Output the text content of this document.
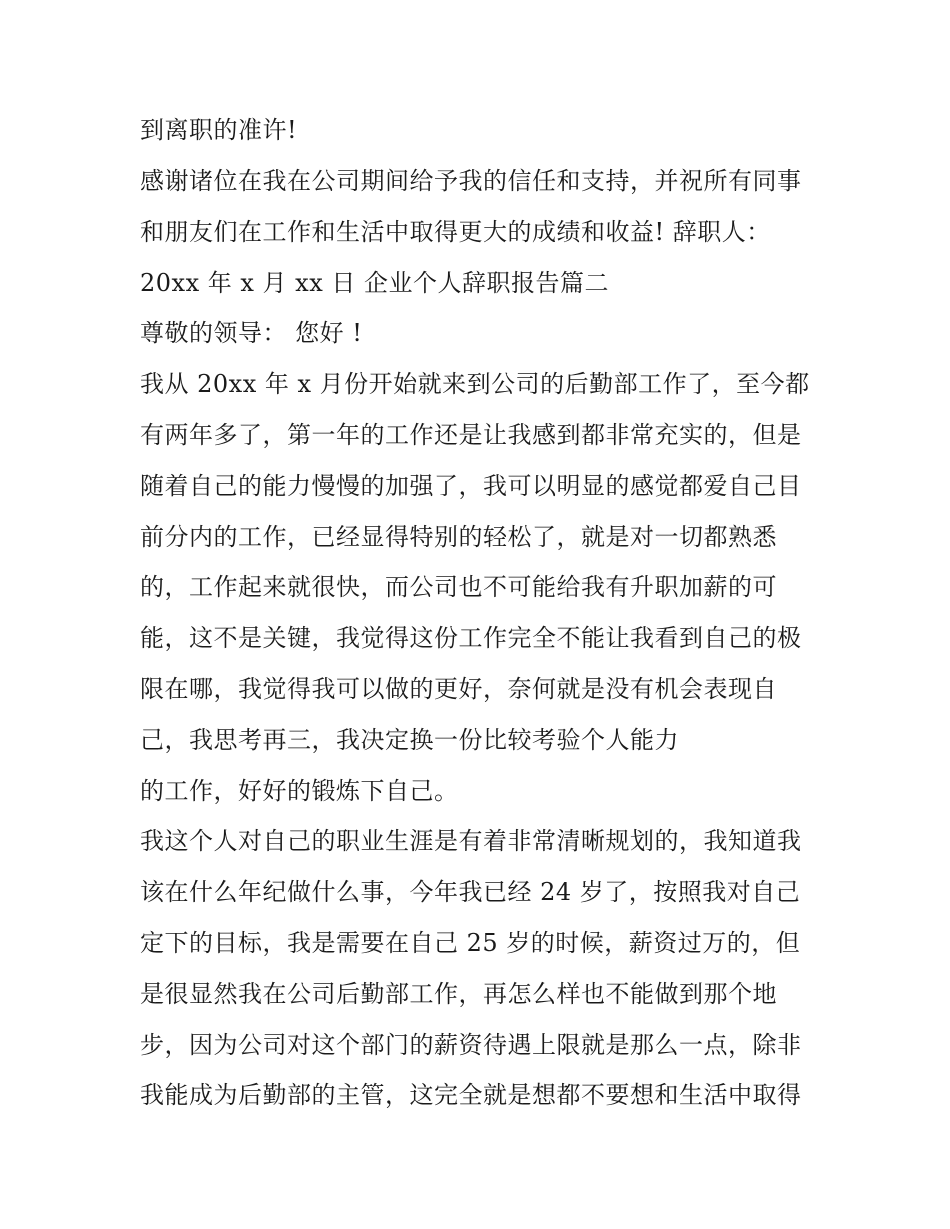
到离职的准许!
感谢诸位在我在公司期间给予我的信任和支持，并祝所有同事
和朋友们在工作和生活中取得更大的成绩和收益! 辞职人：
20xx 年 x 月 xx 日 企业个人辞职报告篇二
尊敬的领导： 您好 !
我从 20xx 年 x 月份开始就来到公司的后勤部工作了，至今都
有两年多了，第一年的工作还是让我感到都非常充实的，但是
随着自己的能力慢慢的加强了，我可以明显的感觉都爱自己目
前分内的工作，已经显得特别的轻松了，就是对一切都熟悉
的，工作起来就很快，而公司也不可能给我有升职加薪的可
能，这不是关键，我觉得这份工作完全不能让我看到自己的极
限在哪，我觉得我可以做的更好，奈何就是没有机会表现自
己，我思考再三，我决定换一份比较考验个人能力
的工作，好好的锻炼下自己。
我这个人对自己的职业生涯是有着非常清晰规划的，我知道我
该在什么年纪做什么事，今年我已经 24 岁了，按照我对自己
定下的目标，我是需要在自己 25 岁的时候，薪资过万的，但
是很显然我在公司后勤部工作，再怎么样也不能做到那个地
步，因为公司对这个部门的薪资待遇上限就是那么一点，除非
我能成为后勤部的主管，这完全就是想都不要想和生活中取得
